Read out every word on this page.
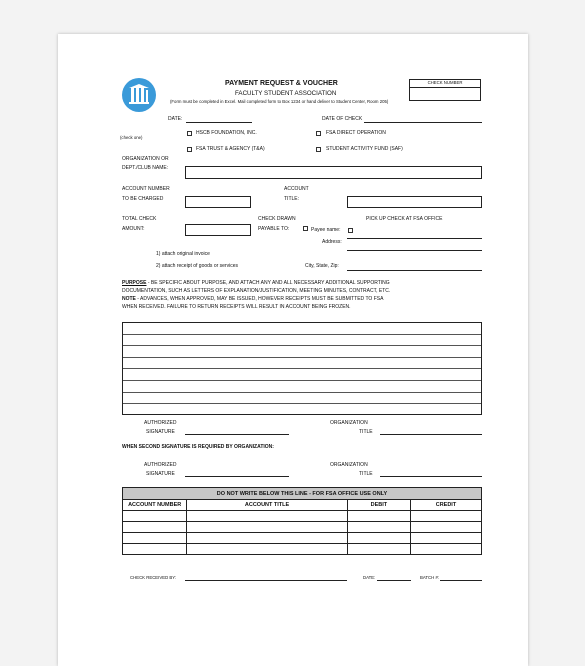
PAYMENT REQUEST & VOUCHER
FACULTY STUDENT ASSOCIATION
(Form must be completed in Excel. Mail completed form to Box 1234 or hand deliver to Student Center, Room 205)
CHECK NUMBER
DATE:	DATE OF CHECK
(check one)
HSCB FOUNDATION, INC.	FSA DIRECT OPERATION
FSA TRUST & AGENCY (T&A)	STUDENT ACTIVITY FUND (SAF)
ORGANIZATION OR
DEPT./CLUB NAME:
ACCOUNT NUMBER
TO BE CHARGED
ACCOUNT
TITLE:
TOTAL CHECK
AMOUNT:
CHECK DRAWN
PAYABLE TO:
PICK UP CHECK AT FSA OFFICE
Payee name:
Address:
1) attach original invoice
2) attach receipt of goods or services	City, State, Zip:
PURPOSE - BE SPECIFIC ABOUT PURPOSE, AND ATTACH ANY AND ALL NECESSARY ADDITIONAL SUPPORTING
DOCUMENTATION, SUCH AS LETTERS OF EXPLANATION/JUSTIFICATION, MEETING MINUTES, CONTRACT, ETC.
NOTE - ADVANCES, WHEN APPROVED, MAY BE ISSUED, HOWEVER RECEIPTS MUST BE SUBMITTED TO FSA
WHEN RECEIVED. FAILURE TO RETURN RECEIPTS WILL RESULT IN ACCOUNT BEING FROZEN.
AUTHORIZED
SIGNATURE
ORGANIZATION
TITLE
WHEN SECOND SIGNATURE IS REQUIRED BY ORGANIZATION:
AUTHORIZED
SIGNATURE
ORGANIZATION
TITLE
DO NOT WRITE BELOW THIS LINE - FOR FSA OFFICE USE ONLY			
ACCOUNT NUMBER	ACCOUNT TITLE	DEBIT	CREDIT

CHECK RECEIVED BY:	DATE:	BATCH #:
